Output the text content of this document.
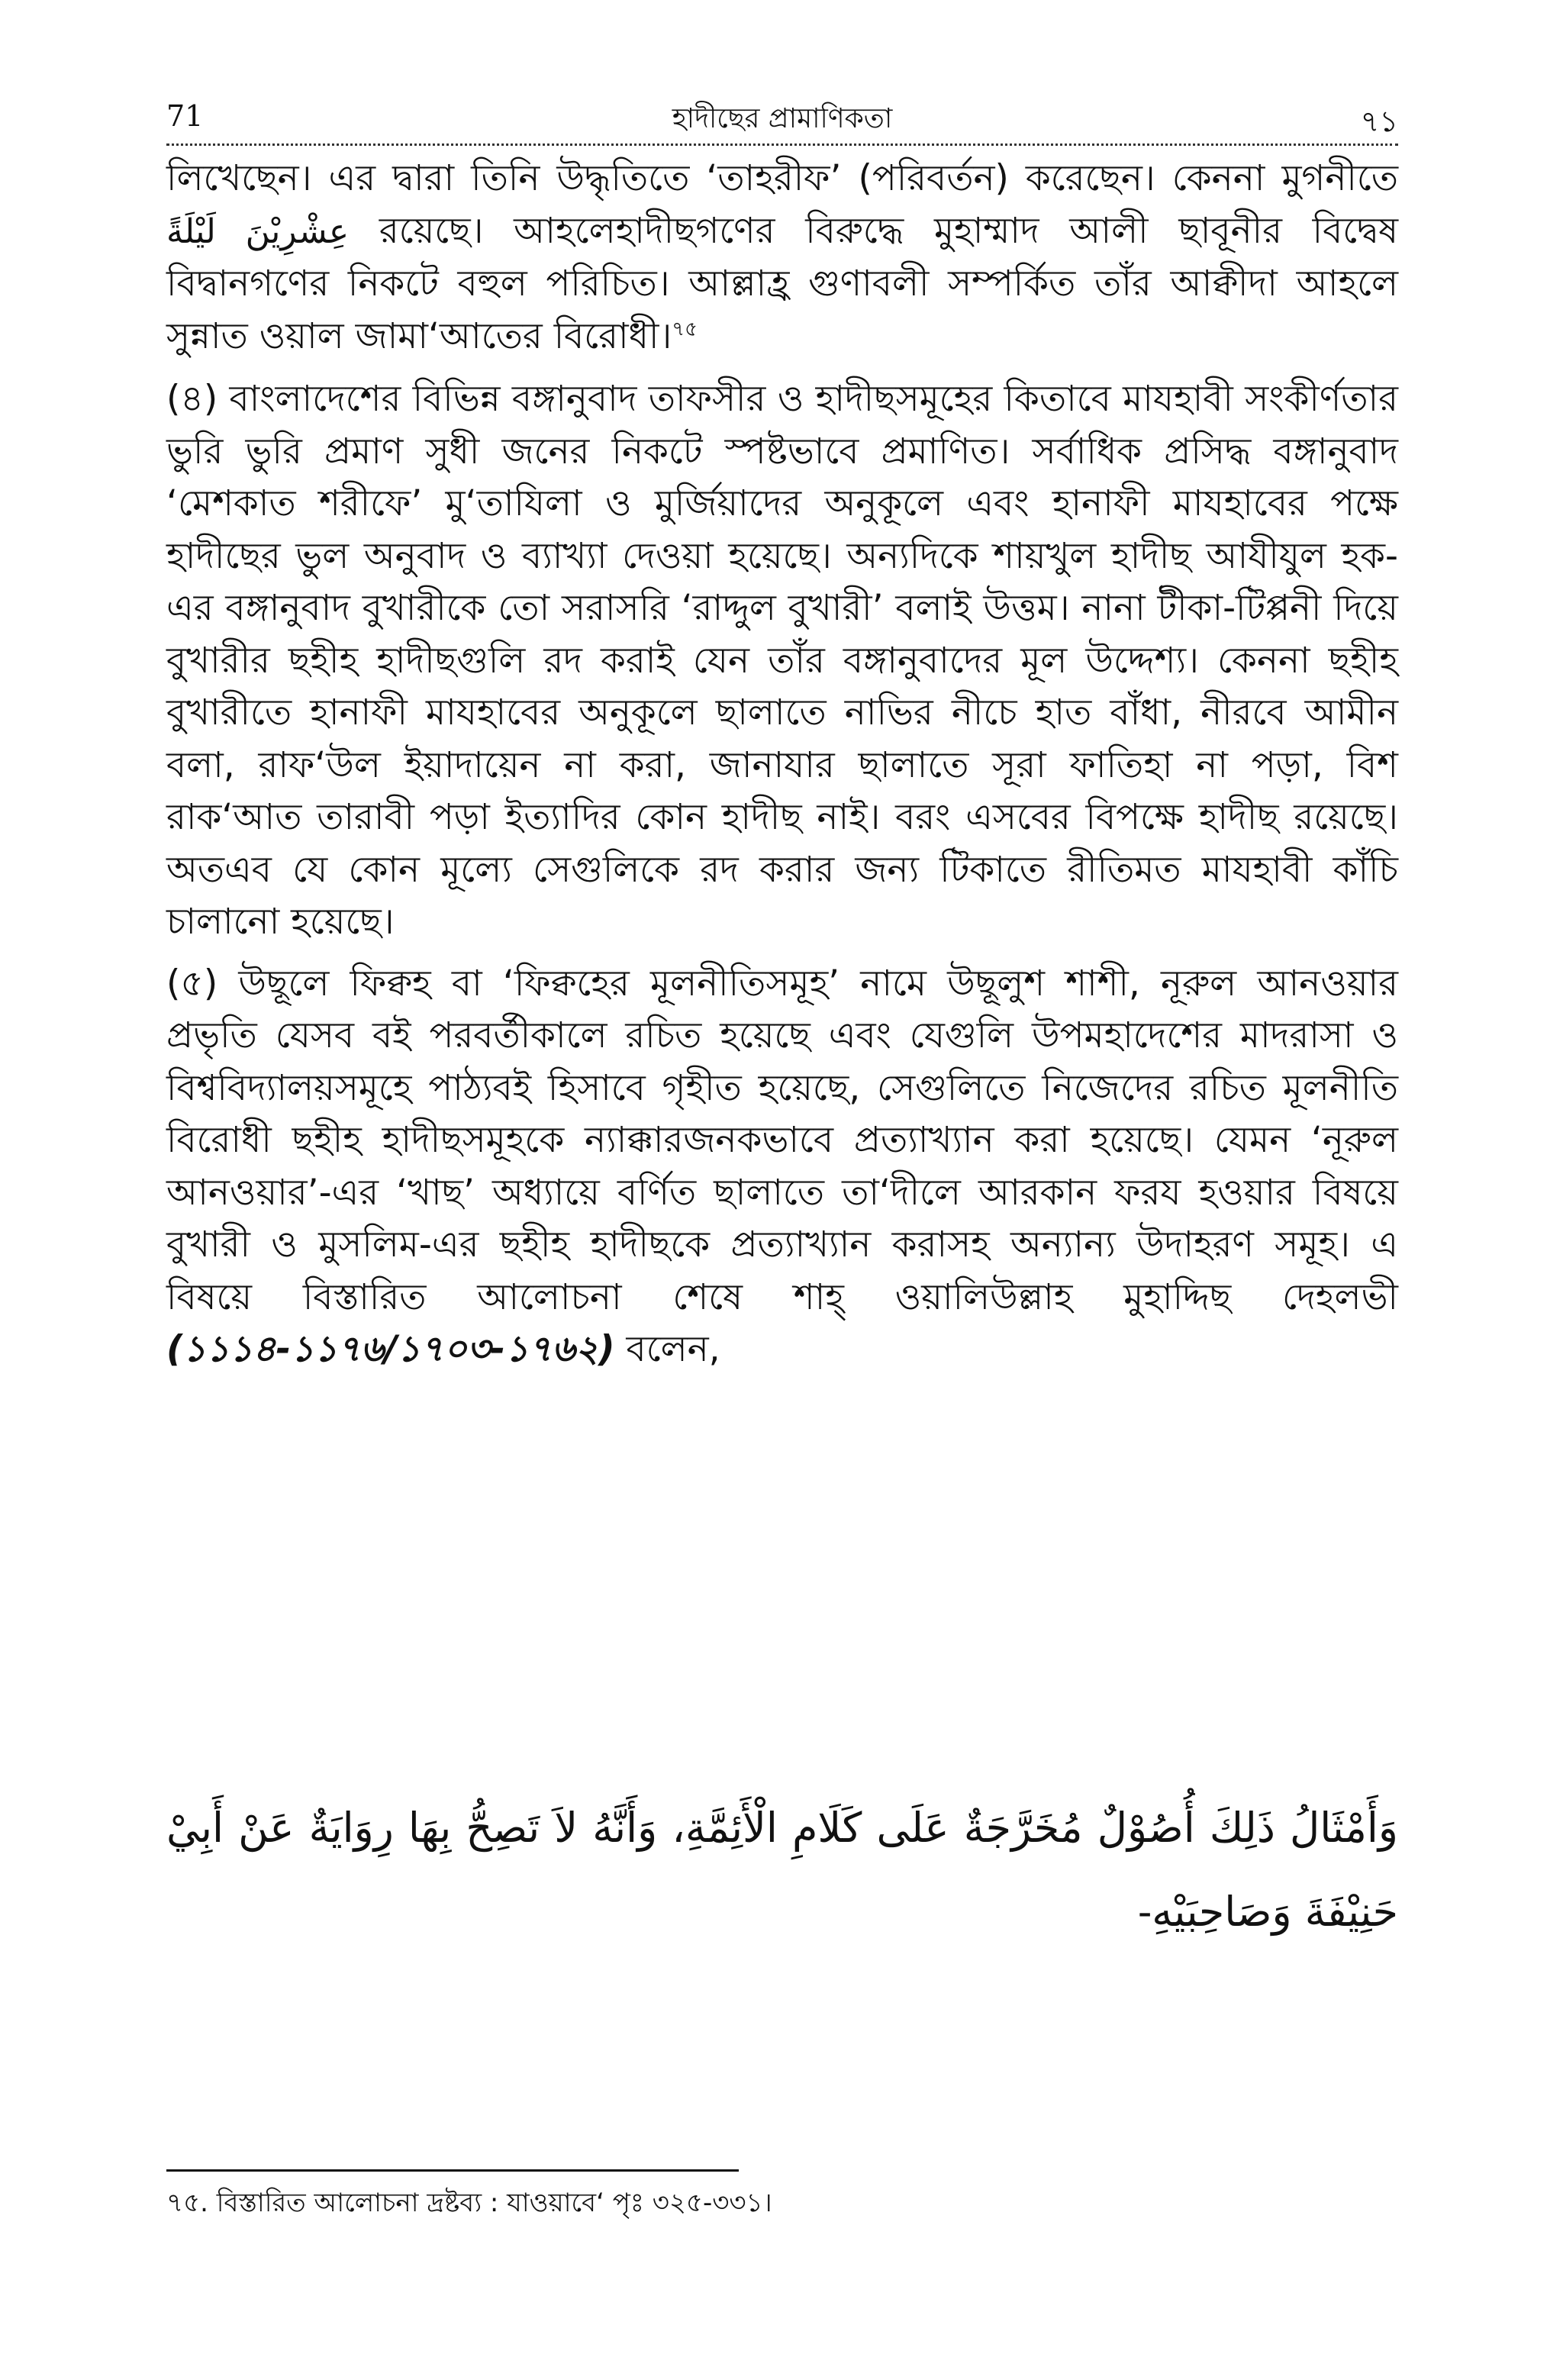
71	হাদীছের প্রামাণিকতা	৭১

লিখেছেন। এর দ্বারা তিনি উদ্ধৃতিতে ‘তাহরীফ’ (পরিবর্তন) করেছেন। কেননা মুগনীতে عِشْرِيْنَ لَيْلَةً রয়েছে। আহলেহাদীছগণের বিরুদ্ধে মুহাম্মাদ আলী ছাবূনীর বিদ্বেষ বিদ্বানগণের নিকটে বহুল পরিচিত। আল্লাহ্র গুণাবলী সম্পর্কিত তাঁর আক্বীদা আহলে সুন্নাত ওয়াল জামা‘আতের বিরোধী।$^{৭৫}$

(৪) বাংলাদেশের বিভিন্ন বঙ্গানুবাদ তাফসীর ও হাদীছসমূহের কিতাবে মাযহাবী সংকীর্ণতার ভুরি ভুরি প্রমাণ সুধী জনের নিকটে স্পষ্টভাবে প্রমাণিত। সর্বাধিক প্রসিদ্ধ বঙ্গানুবাদ ‘মেশকাত শরীফে’ মু‘তাযিলা ও মুর্জিয়াদের অনুকূলে এবং হানাফী মাযহাবের পক্ষে হাদীছের ভুল অনুবাদ ও ব্যাখ্যা দেওয়া হয়েছে। অন্যদিকে শায়খুল হাদীছ আযীযুল হক-এর বঙ্গানুবাদ বুখারীকে তো সরাসরি ‘রাদ্দুল বুখারী’ বলাই উত্তম। নানা টীকা-টিপ্পনী দিয়ে বুখারীর ছহীহ হাদীছগুলি রদ করাই যেন তাঁর বঙ্গানুবাদের মূল উদ্দেশ্য। কেননা ছহীহ বুখারীতে হানাফী মাযহাবের অনুকূলে ছালাতে নাভির নীচে হাত বাঁধা, নীরবে আমীন বলা, রাফ‘উল ইয়াদায়েন না করা, জানাযার ছালাতে সূরা ফাতিহা না পড়া, বিশ রাক‘আত তারাবী পড়া ইত্যাদির কোন হাদীছ নাই। বরং এসবের বিপক্ষে হাদীছ রয়েছে। অতএব যে কোন মূল্যে সেগুলিকে রদ করার জন্য টিকাতে রীতিমত মাযহাবী কাঁচি চালানো হয়েছে।

(৫) উছূলে ফিক্বহ বা ‘ফিক্বহের মূলনীতিসমূহ’ নামে উছূলুশ শাশী, নূরুল আনওয়ার প্রভৃতি যেসব বই পরবর্তীকালে রচিত হয়েছে এবং যেগুলি উপমহাদেশের মাদরাসা ও বিশ্ববিদ্যালয়সমূহে পাঠ্যবই হিসাবে গৃহীত হয়েছে, সেগুলিতে নিজেদের রচিত মূলনীতি বিরোধী ছহীহ হাদীছসমূহকে ন্যাক্কারজনকভাবে প্রত্যাখ্যান করা হয়েছে। যেমন ‘নূরুল আনওয়ার’-এর ‘খাছ’ অধ্যায়ে বর্ণিত ছালাতে তা‘দীলে আরকান ফরয হওয়ার বিষয়ে বুখারী ও মুসলিম-এর ছহীহ হাদীছকে প্রত্যাখ্যান করাসহ অন্যান্য উদাহরণ সমূহ। এ বিষয়ে বিস্তারিত আলোচনা শেষে শাহ্ ওয়ালিউল্লাহ মুহাদ্দিছ দেহলভী (১১১৪-১১৭৬/১৭০৩-১৭৬২) বলেন,

وَأَمْثَالُ ذَلِكَ أُصُوْلٌ مُخَرَّجَةٌ عَلَى كَلَامِ الْأَئِمَّةِ، وَأَنَّهُ لاَ تَصِحُّ بِهَا رِوَايَةٌ عَنْ أَبِيْ حَنِيْفَةَ وَصَاحِبَيْهِ-
৭৫. বিস্তারিত আলোচনা দ্রষ্টব্য : যাওয়াবে‘ পৃঃ ৩২৫-৩৩১।
